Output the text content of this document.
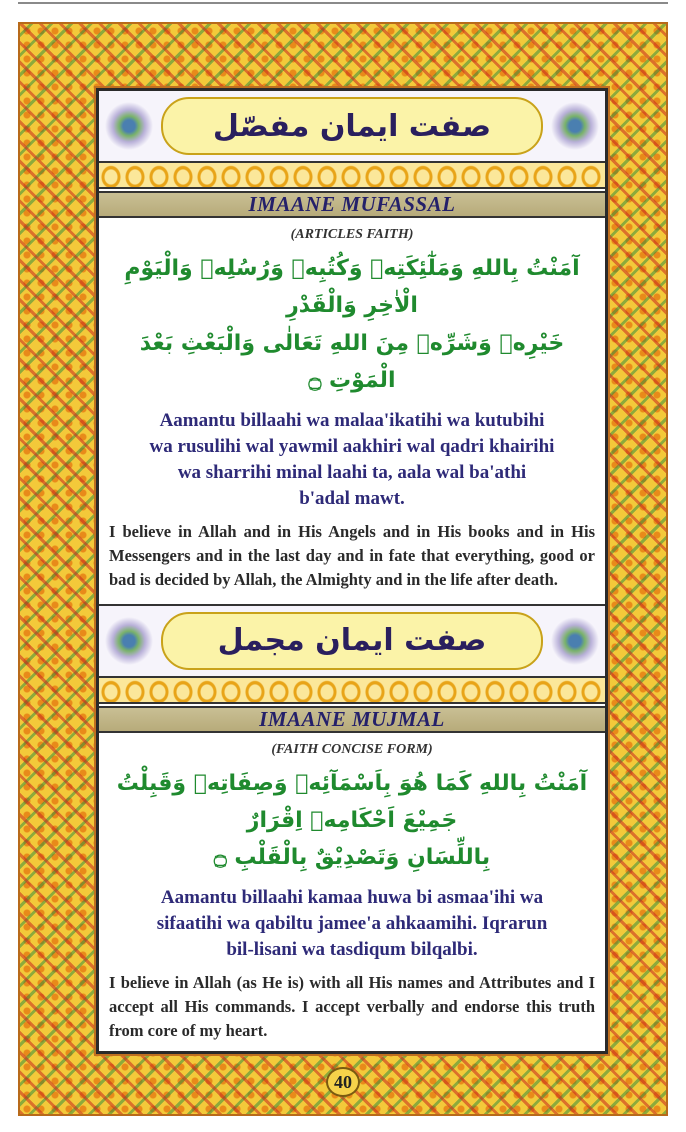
صفت ایمان مفصّل
IMAANE MUFASSAL
(ARTICLES FAITH)
آمَنْتُ بِاللهِ وَمَلٰٓئِكَتِهٖ وَكُتُبِهٖ وَرُسُلِهٖ وَالْيَوْمِ الْاٰخِرِ وَالْقَدْرِ
خَيْرِهٖ وَشَرِّهٖ مِنَ اللهِ تَعَالٰى وَالْبَعْثِ بَعْدَ الْمَوْتِ ۝
Aamantu billaahi wa malaa'ikatihi wa kutubihi
wa rusulihi wal yawmil aakhiri wal qadri khairihi
wa sharrihi minal laahi ta, aala wal ba'athi
b'adal mawt.
I believe in Allah and in His Angels and in His books and in His Messengers and in the last day and in fate that everything, good or bad is decided by Allah, the Almighty and in the life after death.
صفت ایمان مجمل
IMAANE MUJMAL
(FAITH CONCISE FORM)
آمَنْتُ بِاللهِ كَمَا هُوَ بِاَسْمَآئِهٖ وَصِفَاتِهٖ وَقَبِلْتُ جَمِيْعَ اَحْكَامِهٖ اِقْرَارٌ
بِاللِّسَانِ وَتَصْدِيْقٌ بِالْقَلْبِ ۝
Aamantu billaahi kamaa huwa bi asmaa'ihi wa
sifaatihi wa qabiltu jamee'a ahkaamihi. Iqrarun
bil-lisani wa tasdiqum bilqalbi.
I believe in Allah (as He is) with all His names and Attributes and I accept all His commands. I accept verbally and endorse this truth from core of my heart.
40
